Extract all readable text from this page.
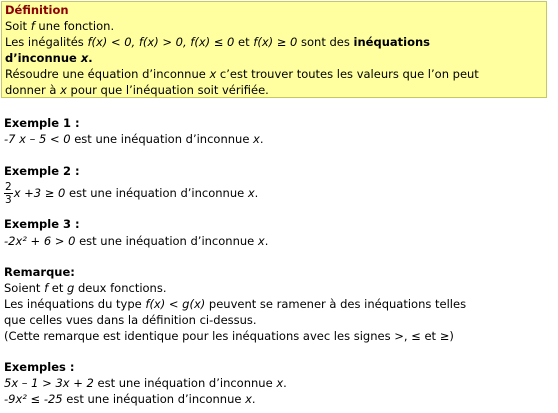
Définition
Soit f une fonction.
Les inégalités f(x) < 0, f(x) > 0, f(x) ≤ 0 et f(x) ≥ 0 sont des inéquations
d’inconnue x.
Résoudre une équation d’inconnue x c’est trouver toutes les valeurs que l’on peut
donner à x pour que l’inéquation soit vérifiée.
Exemple 1 :
-7 x – 5 < 0 est une inéquation d’inconnue x.
Exemple 2 :
$\frac{2}{3}$ x +3 ≥ 0 est une inéquation d’inconnue x.
Exemple 3 :
-2x² + 6 > 0 est une inéquation d’inconnue x.
Remarque:
Soient f et g deux fonctions.
Les inéquations du type f(x) < g(x) peuvent se ramener à des inéquations telles
que celles vues dans la définition ci-dessus.
(Cette remarque est identique pour les inéquations avec les signes >, ≤ et ≥)
Exemples :
5x – 1 > 3x + 2 est une inéquation d’inconnue x.
-9x² ≤ -25 est une inéquation d’inconnue x.
